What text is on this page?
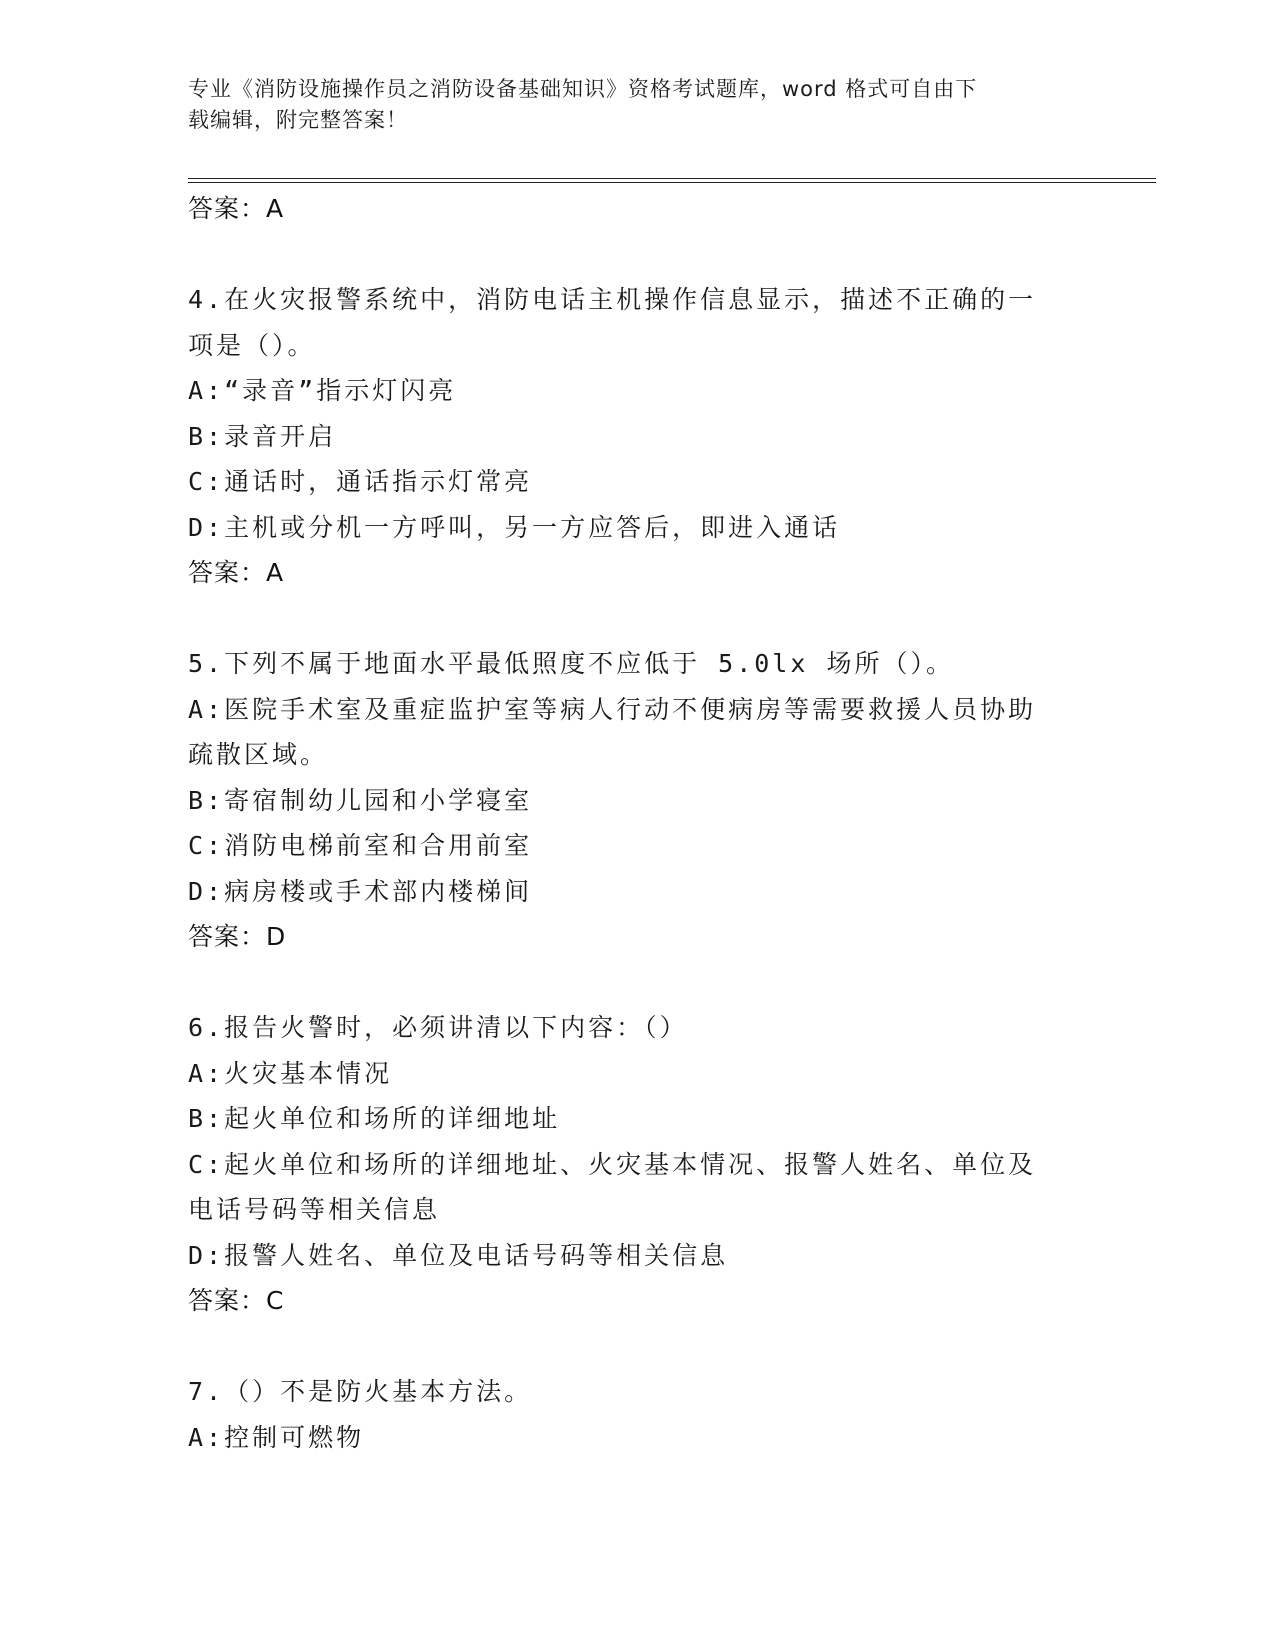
专业《消防设施操作员之消防设备基础知识》资格考试题库，word 格式可自由下
载编辑，附完整答案！
答案：A
4.在火灾报警系统中，消防电话主机操作信息显示，描述不正确的一
项是（）。
A:“录音”指示灯闪亮
B:录音开启
C:通话时，通话指示灯常亮
D:主机或分机一方呼叫，另一方应答后，即进入通话
答案：A
5.下列不属于地面水平最低照度不应低于 5.0lx 场所（）。
A:医院手术室及重症监护室等病人行动不便病房等需要救援人员协助
疏散区域。
B:寄宿制幼儿园和小学寝室
C:消防电梯前室和合用前室
D:病房楼或手术部内楼梯间
答案：D
6.报告火警时，必须讲清以下内容：（）
A:火灾基本情况
B:起火单位和场所的详细地址
C:起火单位和场所的详细地址、火灾基本情况、报警人姓名、单位及
电话号码等相关信息
D:报警人姓名、单位及电话号码等相关信息
答案：C
7.（）不是防火基本方法。
A:控制可燃物
